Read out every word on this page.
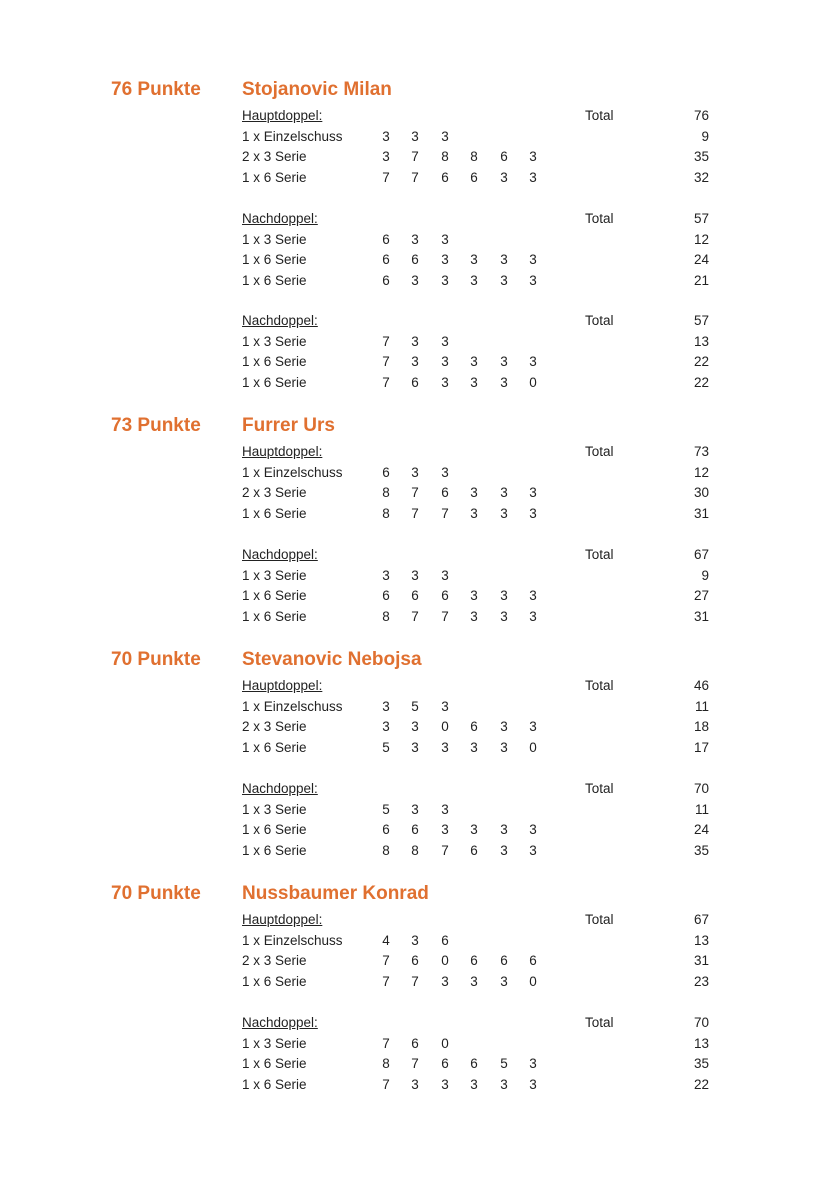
76 Punkte Stojanovic Milan
Hauptdoppel:	Total	76
1 x Einzelschuss	3 3 3	9
2 x 3 Serie	3 7 8 8 6 3	35
1 x 6 Serie	7 7 6 6 3 3	32
Nachdoppel:	Total	57
1 x 3 Serie	6 3 3	12
1 x 6 Serie	6 6 3 3 3 3	24
1 x 6 Serie	6 3 3 3 3 3	21
Nachdoppel:	Total	57
1 x 3 Serie	7 3 3	13
1 x 6 Serie	7 3 3 3 3 3	22
1 x 6 Serie	7 6 3 3 3 0	22
73 Punkte Furrer Urs
Hauptdoppel:	Total	73
1 x Einzelschuss	6 3 3	12
2 x 3 Serie	8 7 6 3 3 3	30
1 x 6 Serie	8 7 7 3 3 3	31
Nachdoppel:	Total	67
1 x 3 Serie	3 3 3	9
1 x 6 Serie	6 6 6 3 3 3	27
1 x 6 Serie	8 7 7 3 3 3	31
70 Punkte Stevanovic Nebojsa
Hauptdoppel:	Total	46
1 x Einzelschuss	3 5 3	11
2 x 3 Serie	3 3 0 6 3 3	18
1 x 6 Serie	5 3 3 3 3 0	17
Nachdoppel:	Total	70
1 x 3 Serie	5 3 3	11
1 x 6 Serie	6 6 3 3 3 3	24
1 x 6 Serie	8 8 7 6 3 3	35
70 Punkte Nussbaumer Konrad
Hauptdoppel:	Total	67
1 x Einzelschuss	4 3 6	13
2 x 3 Serie	7 6 0 6 6 6	31
1 x 6 Serie	7 7 3 3 3 0	23
Nachdoppel:	Total	70
1 x 3 Serie	7 6 0	13
1 x 6 Serie	8 7 6 6 5 3	35
1 x 6 Serie	7 3 3 3 3 3	22
